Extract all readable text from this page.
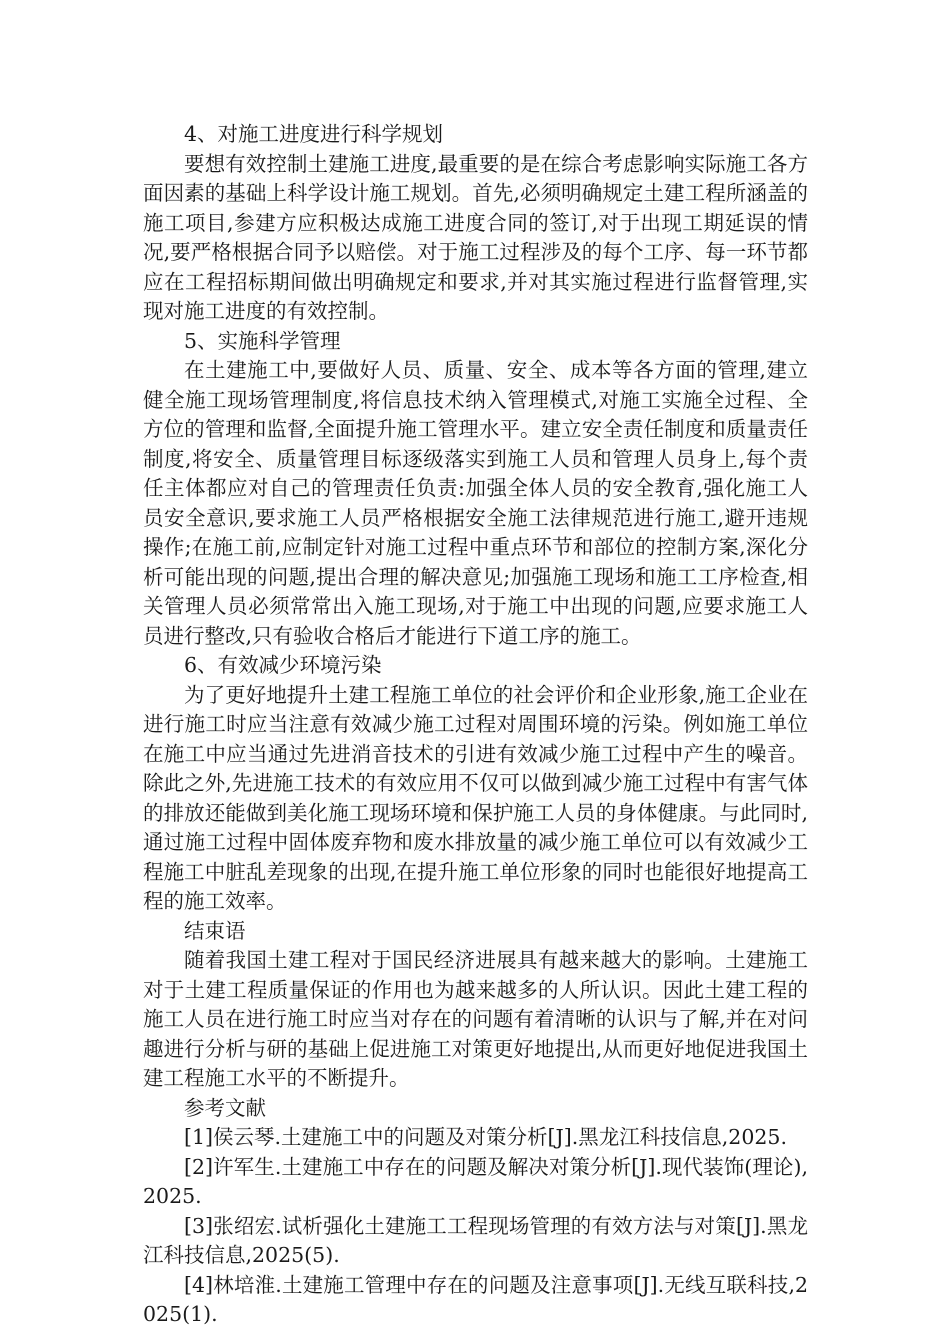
4、对施工进度进行科学规划

要想有效控制土建施工进度,最重要的是在综合考虑影响实际施工各方面因素的基础上科学设计施工规划。首先,必须明确规定土建工程所涵盖的施工项目,参建方应积极达成施工进度合同的签订,对于出现工期延误的情况,要严格根据合同予以赔偿。对于施工过程涉及的每个工序、每一环节都应在工程招标期间做出明确规定和要求,并对其实施过程进行监督管理,实现对施工进度的有效控制。

5、实施科学管理

在土建施工中,要做好人员、质量、安全、成本等各方面的管理,建立健全施工现场管理制度,将信息技术纳入管理模式,对施工实施全过程、全方位的管理和监督,全面提升施工管理水平。建立安全责任制度和质量责任制度,将安全、质量管理目标逐级落实到施工人员和管理人员身上,每个责任主体都应对自己的管理责任负责:加强全体人员的安全教育,强化施工人员安全意识,要求施工人员严格根据安全施工法律规范进行施工,避开违规操作;在施工前,应制定针对施工过程中重点环节和部位的控制方案,深化分析可能出现的问题,提出合理的解决意见;加强施工现场和施工工序检查,相关管理人员必须常常出入施工现场,对于施工中出现的问题,应要求施工人员进行整改,只有验收合格后才能进行下道工序的施工。

6、有效减少环境污染

为了更好地提升土建工程施工单位的社会评价和企业形象,施工企业在进行施工时应当注意有效减少施工过程对周围环境的污染。例如施工单位在施工中应当通过先进消音技术的引进有效减少施工过程中产生的噪音。除此之外,先进施工技术的有效应用不仅可以做到减少施工过程中有害气体的排放还能做到美化施工现场环境和保护施工人员的身体健康。与此同时,通过施工过程中固体废弃物和废水排放量的减少施工单位可以有效减少工程施工中脏乱差现象的出现,在提升施工单位形象的同时也能很好地提高工程的施工效率。

结束语

随着我国土建工程对于国民经济进展具有越来越大的影响。土建施工对于土建工程质量保证的作用也为越来越多的人所认识。因此土建工程的施工人员在进行施工时应当对存在的问题有着清晰的认识与了解,并在对问趣进行分析与研的基础上促进施工对策更好地提出,从而更好地促进我国土建工程施工水平的不断提升。

参考文献

[1]侯云琴.土建施工中的问题及对策分析[J].黑龙江科技信息,2025.

[2]许军生.土建施工中存在的问题及解决对策分析[J].现代装饰(理论),2025.

[3]张绍宏.试析强化土建施工工程现场管理的有效方法与对策[J].黑龙江科技信息,2025(5).

[4]林培淮.土建施工管理中存在的问题及注意事项[J].无线互联科技,2025(1).
